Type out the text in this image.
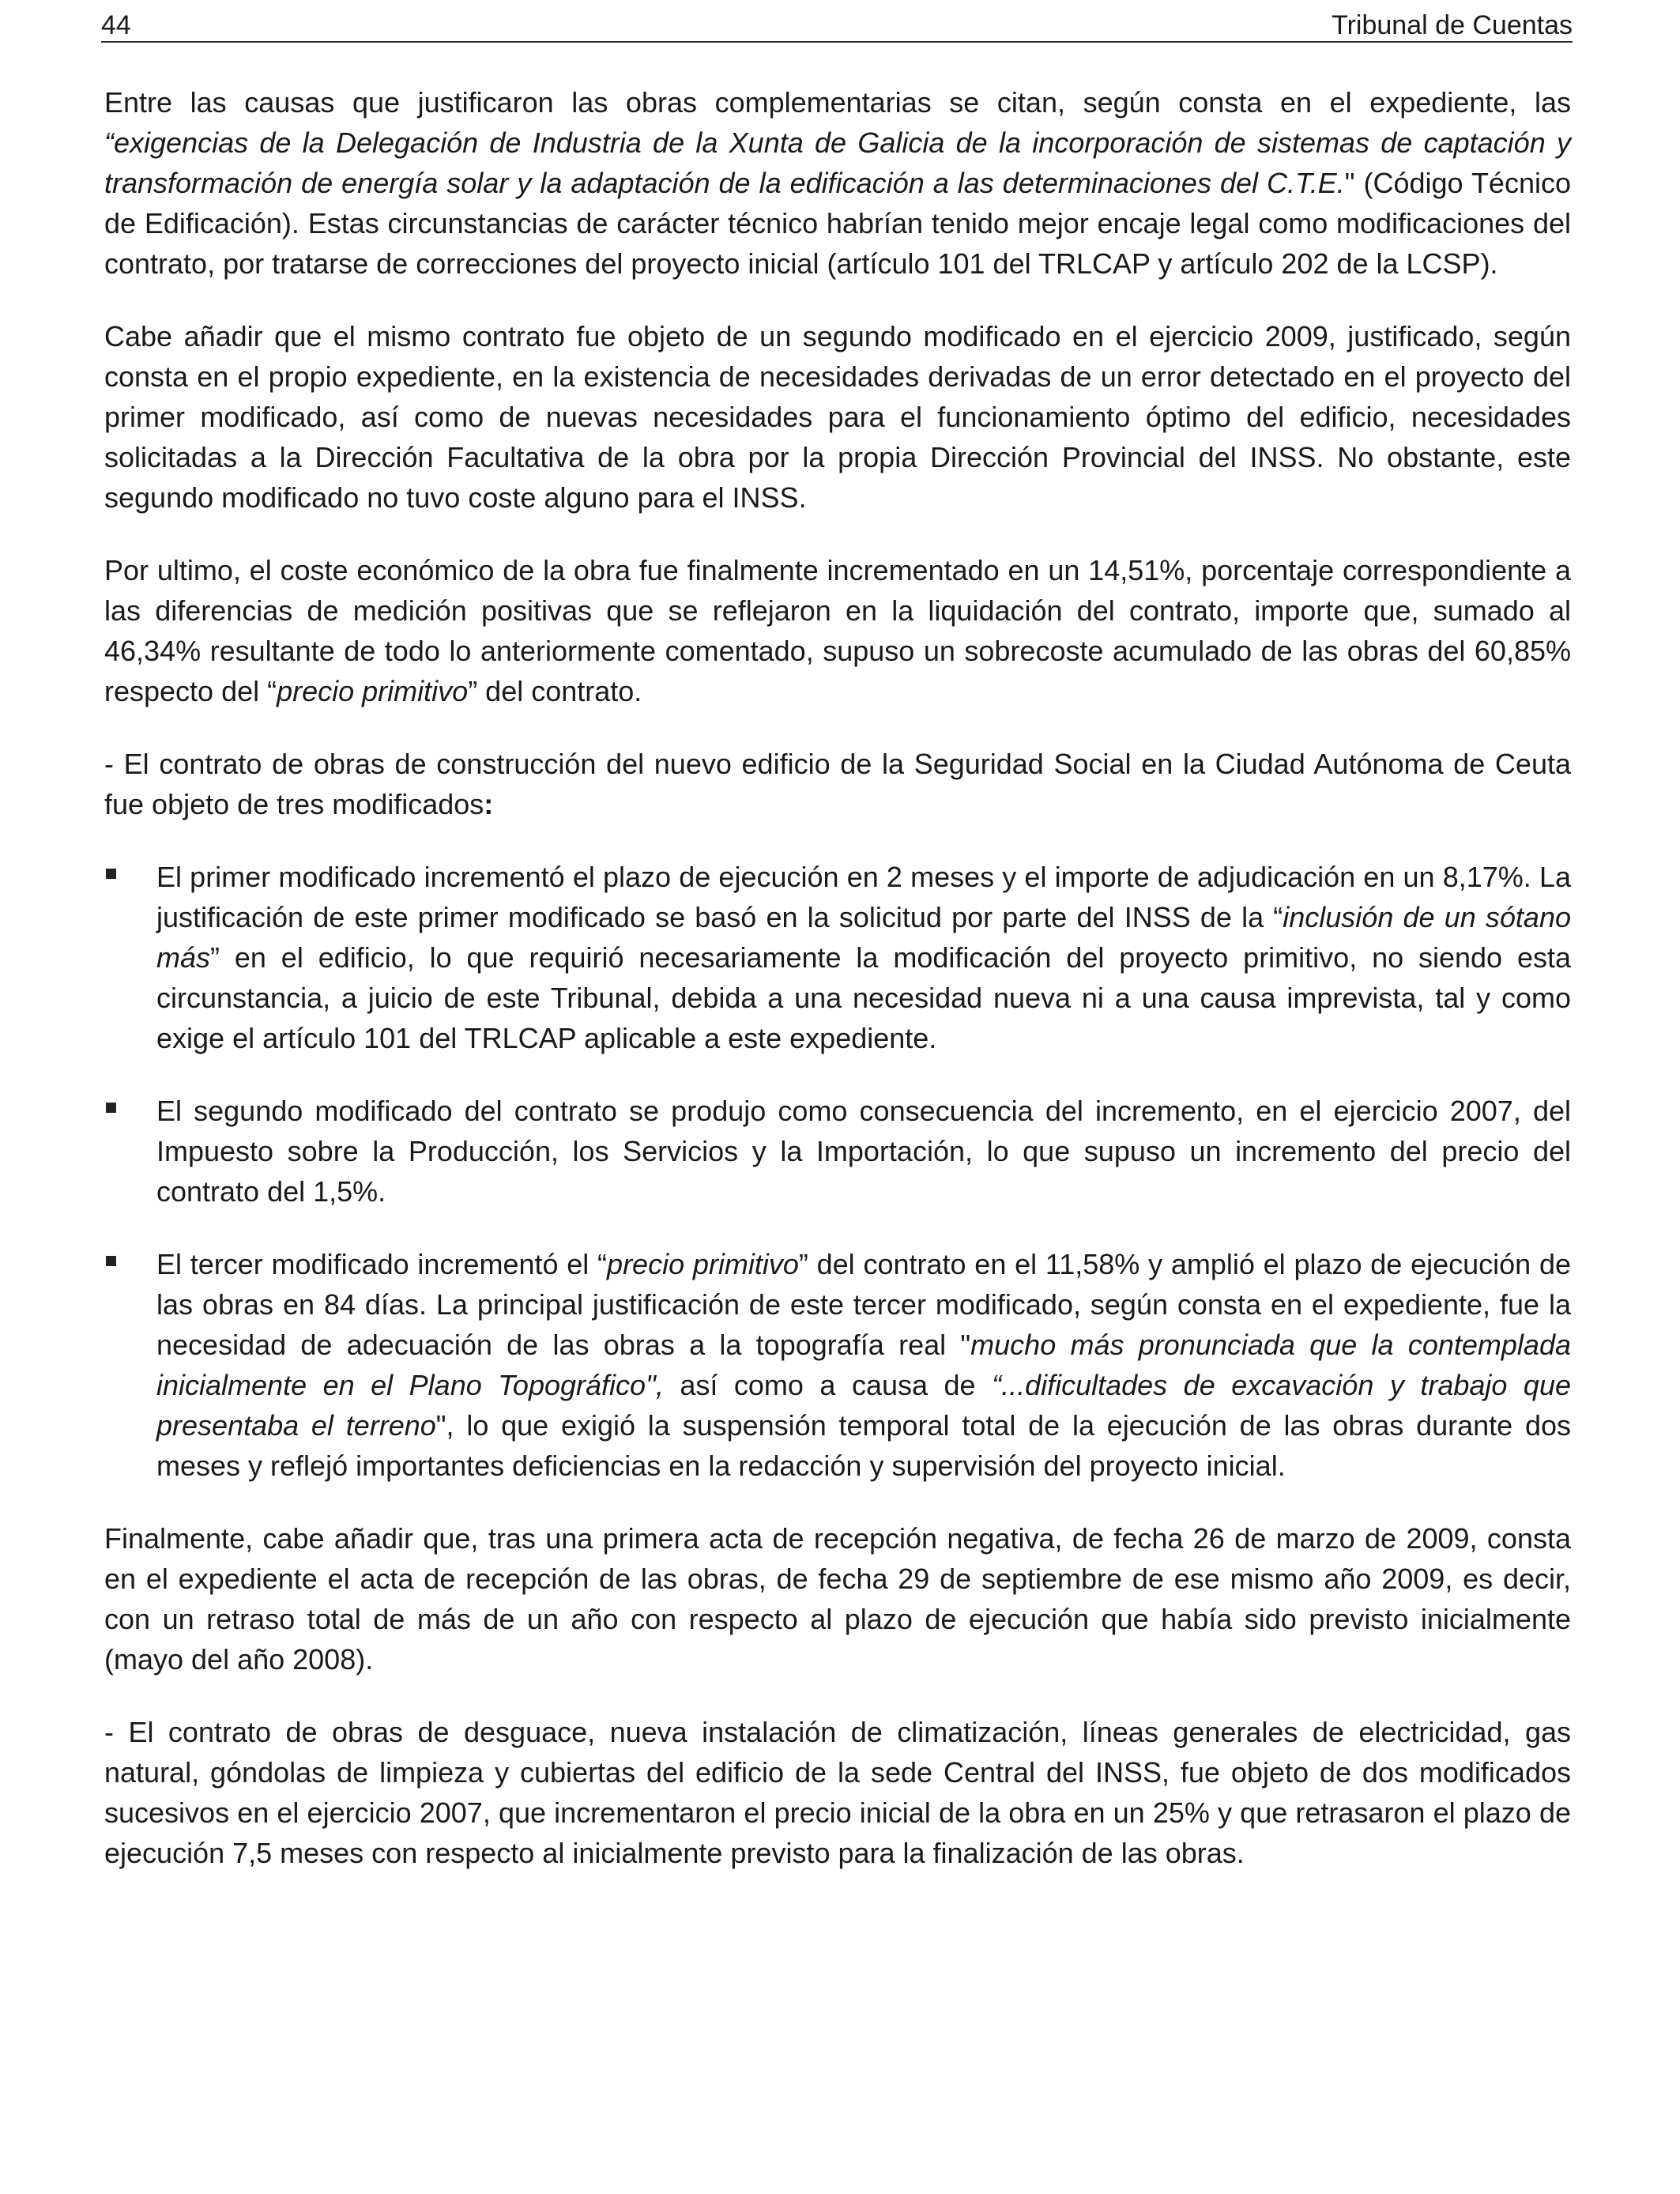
44	Tribunal de Cuentas

Entre las causas que justificaron las obras complementarias se citan, según consta en el expediente, las “exigencias de la Delegación de Industria de la Xunta de Galicia de la incorporación de sistemas de captación y transformación de energía solar y la adaptación de la edificación a las determinaciones del C.T.E." (Código Técnico de Edificación). Estas circunstancias de carácter técnico habrían tenido mejor encaje legal como modificaciones del contrato, por tratarse de correcciones del proyecto inicial (artículo 101 del TRLCAP y artículo 202 de la LCSP).

Cabe añadir que el mismo contrato fue objeto de un segundo modificado en el ejercicio 2009, justificado, según consta en el propio expediente, en la existencia de necesidades derivadas de un error detectado en el proyecto del primer modificado, así como de nuevas necesidades para el funcionamiento óptimo del edificio, necesidades solicitadas a la Dirección Facultativa de la obra por la propia Dirección Provincial del INSS. No obstante, este segundo modificado no tuvo coste alguno para el INSS.

Por ultimo, el coste económico de la obra fue finalmente incrementado en un 14,51%, porcentaje correspondiente a las diferencias de medición positivas que se reflejaron en la liquidación del contrato, importe que, sumado al 46,34% resultante de todo lo anteriormente comentado, supuso un sobrecoste acumulado de las obras del 60,85% respecto del “precio primitivo” del contrato.

- El contrato de obras de construcción del nuevo edificio de la Seguridad Social en la Ciudad Autónoma de Ceuta fue objeto de tres modificados:

El primer modificado incrementó el plazo de ejecución en 2 meses y el importe de adjudicación en un 8,17%. La justificación de este primer modificado se basó en la solicitud por parte del INSS de la “inclusión de un sótano más” en el edificio, lo que requirió necesariamente la modificación del proyecto primitivo, no siendo esta circunstancia, a juicio de este Tribunal, debida a una necesidad nueva ni a una causa imprevista, tal y como exige el artículo 101 del TRLCAP aplicable a este expediente.
El segundo modificado del contrato se produjo como consecuencia del incremento, en el ejercicio 2007, del Impuesto sobre la Producción, los Servicios y la Importación, lo que supuso un incremento del precio del contrato del 1,5%.
El tercer modificado incrementó el “precio primitivo” del contrato en el 11,58% y amplió el plazo de ejecución de las obras en 84 días. La principal justificación de este tercer modificado, según consta en el expediente, fue la necesidad de adecuación de las obras a la topografía real "mucho más pronunciada que la contemplada inicialmente en el Plano Topográfico", así como a causa de “...dificultades de excavación y trabajo que presentaba el terreno", lo que exigió la suspensión temporal total de la ejecución de las obras durante dos meses y reflejó importantes deficiencias en la redacción y supervisión del proyecto inicial.

Finalmente, cabe añadir que, tras una primera acta de recepción negativa, de fecha 26 de marzo de 2009, consta en el expediente el acta de recepción de las obras, de fecha 29 de septiembre de ese mismo año 2009, es decir, con un retraso total de más de un año con respecto al plazo de ejecución que había sido previsto inicialmente (mayo del año 2008).

- El contrato de obras de desguace, nueva instalación de climatización, líneas generales de electricidad, gas natural, góndolas de limpieza y cubiertas del edificio de la sede Central del INSS, fue objeto de dos modificados sucesivos en el ejercicio 2007, que incrementaron el precio inicial de la obra en un 25% y que retrasaron el plazo de ejecución 7,5 meses con respecto al inicialmente previsto para la finalización de las obras.
